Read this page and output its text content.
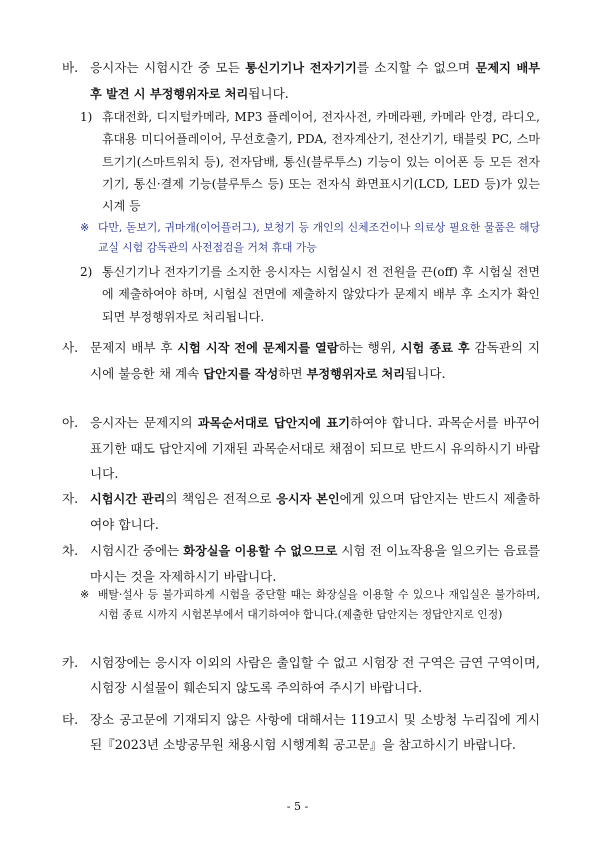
바. 응시자는 시험시간 중 모든 통신기기나 전자기기를 소지할 수 없으며 문제지 배부 후 발견 시 부정행위자로 처리됩니다.
1) 휴대전화, 디지털카메라, MP3 플레이어, 전자사전, 카메라펜, 카메라 안경, 라디오, 휴대용 미디어플레이어, 무선호출기, PDA, 전자계산기, 전산기기, 태블릿 PC, 스마트기기(스마트워치 등), 전자담배, 통신(블루투스) 기능이 있는 이어폰 등 모든 전자기기, 통신·결제 기능(블루투스 등) 또는 전자식 화면표시기(LCD, LED 등)가 있는 시계 등
※ 다만, 돋보기, 귀마개(이어플러그), 보청기 등 개인의 신체조건이나 의료상 필요한 물품은 해당 교실 시험 감독관의 사전점검을 거쳐 휴대 가능
2) 통신기기나 전자기기를 소지한 응시자는 시험실시 전 전원을 끈(off) 후 시험실 전면에 제출하여야 하며, 시험실 전면에 제출하지 않았다가 문제지 배부 후 소지가 확인되면 부정행위자로 처리됩니다.
사. 문제지 배부 후 시험 시작 전에 문제지를 열람하는 행위, 시험 종료 후 감독관의 지시에 불응한 채 계속 답안지를 작성하면 부정행위자로 처리됩니다.
아. 응시자는 문제지의 과목순서대로 답안지에 표기하여야 합니다. 과목순서를 바꾸어 표기한 때도 답안지에 기재된 과목순서대로 채점이 되므로 반드시 유의하시기 바랍니다.
자. 시험시간 관리의 책임은 전적으로 응시자 본인에게 있으며 답안지는 반드시 제출하여야 합니다.
차. 시험시간 중에는 화장실을 이용할 수 없으므로 시험 전 이뇨작용을 일으키는 음료를 마시는 것을 자제하시기 바랍니다.
※ 배탈·설사 등 불가피하게 시험을 중단할 때는 화장실을 이용할 수 있으나 재입실은 불가하며, 시험 종료 시까지 시험본부에서 대기하여야 합니다.(제출한 답안지는 정답안지로 인정)
카. 시험장에는 응시자 이외의 사람은 출입할 수 없고 시험장 전 구역은 금연 구역이며, 시험장 시설물이 훼손되지 않도록 주의하여 주시기 바랍니다.
타. 장소 공고문에 기재되지 않은 사항에 대해서는 119고시 및 소방청 누리집에 게시된『2023년 소방공무원 채용시험 시행계획 공고문』을 참고하시기 바랍니다.
- 5 -
